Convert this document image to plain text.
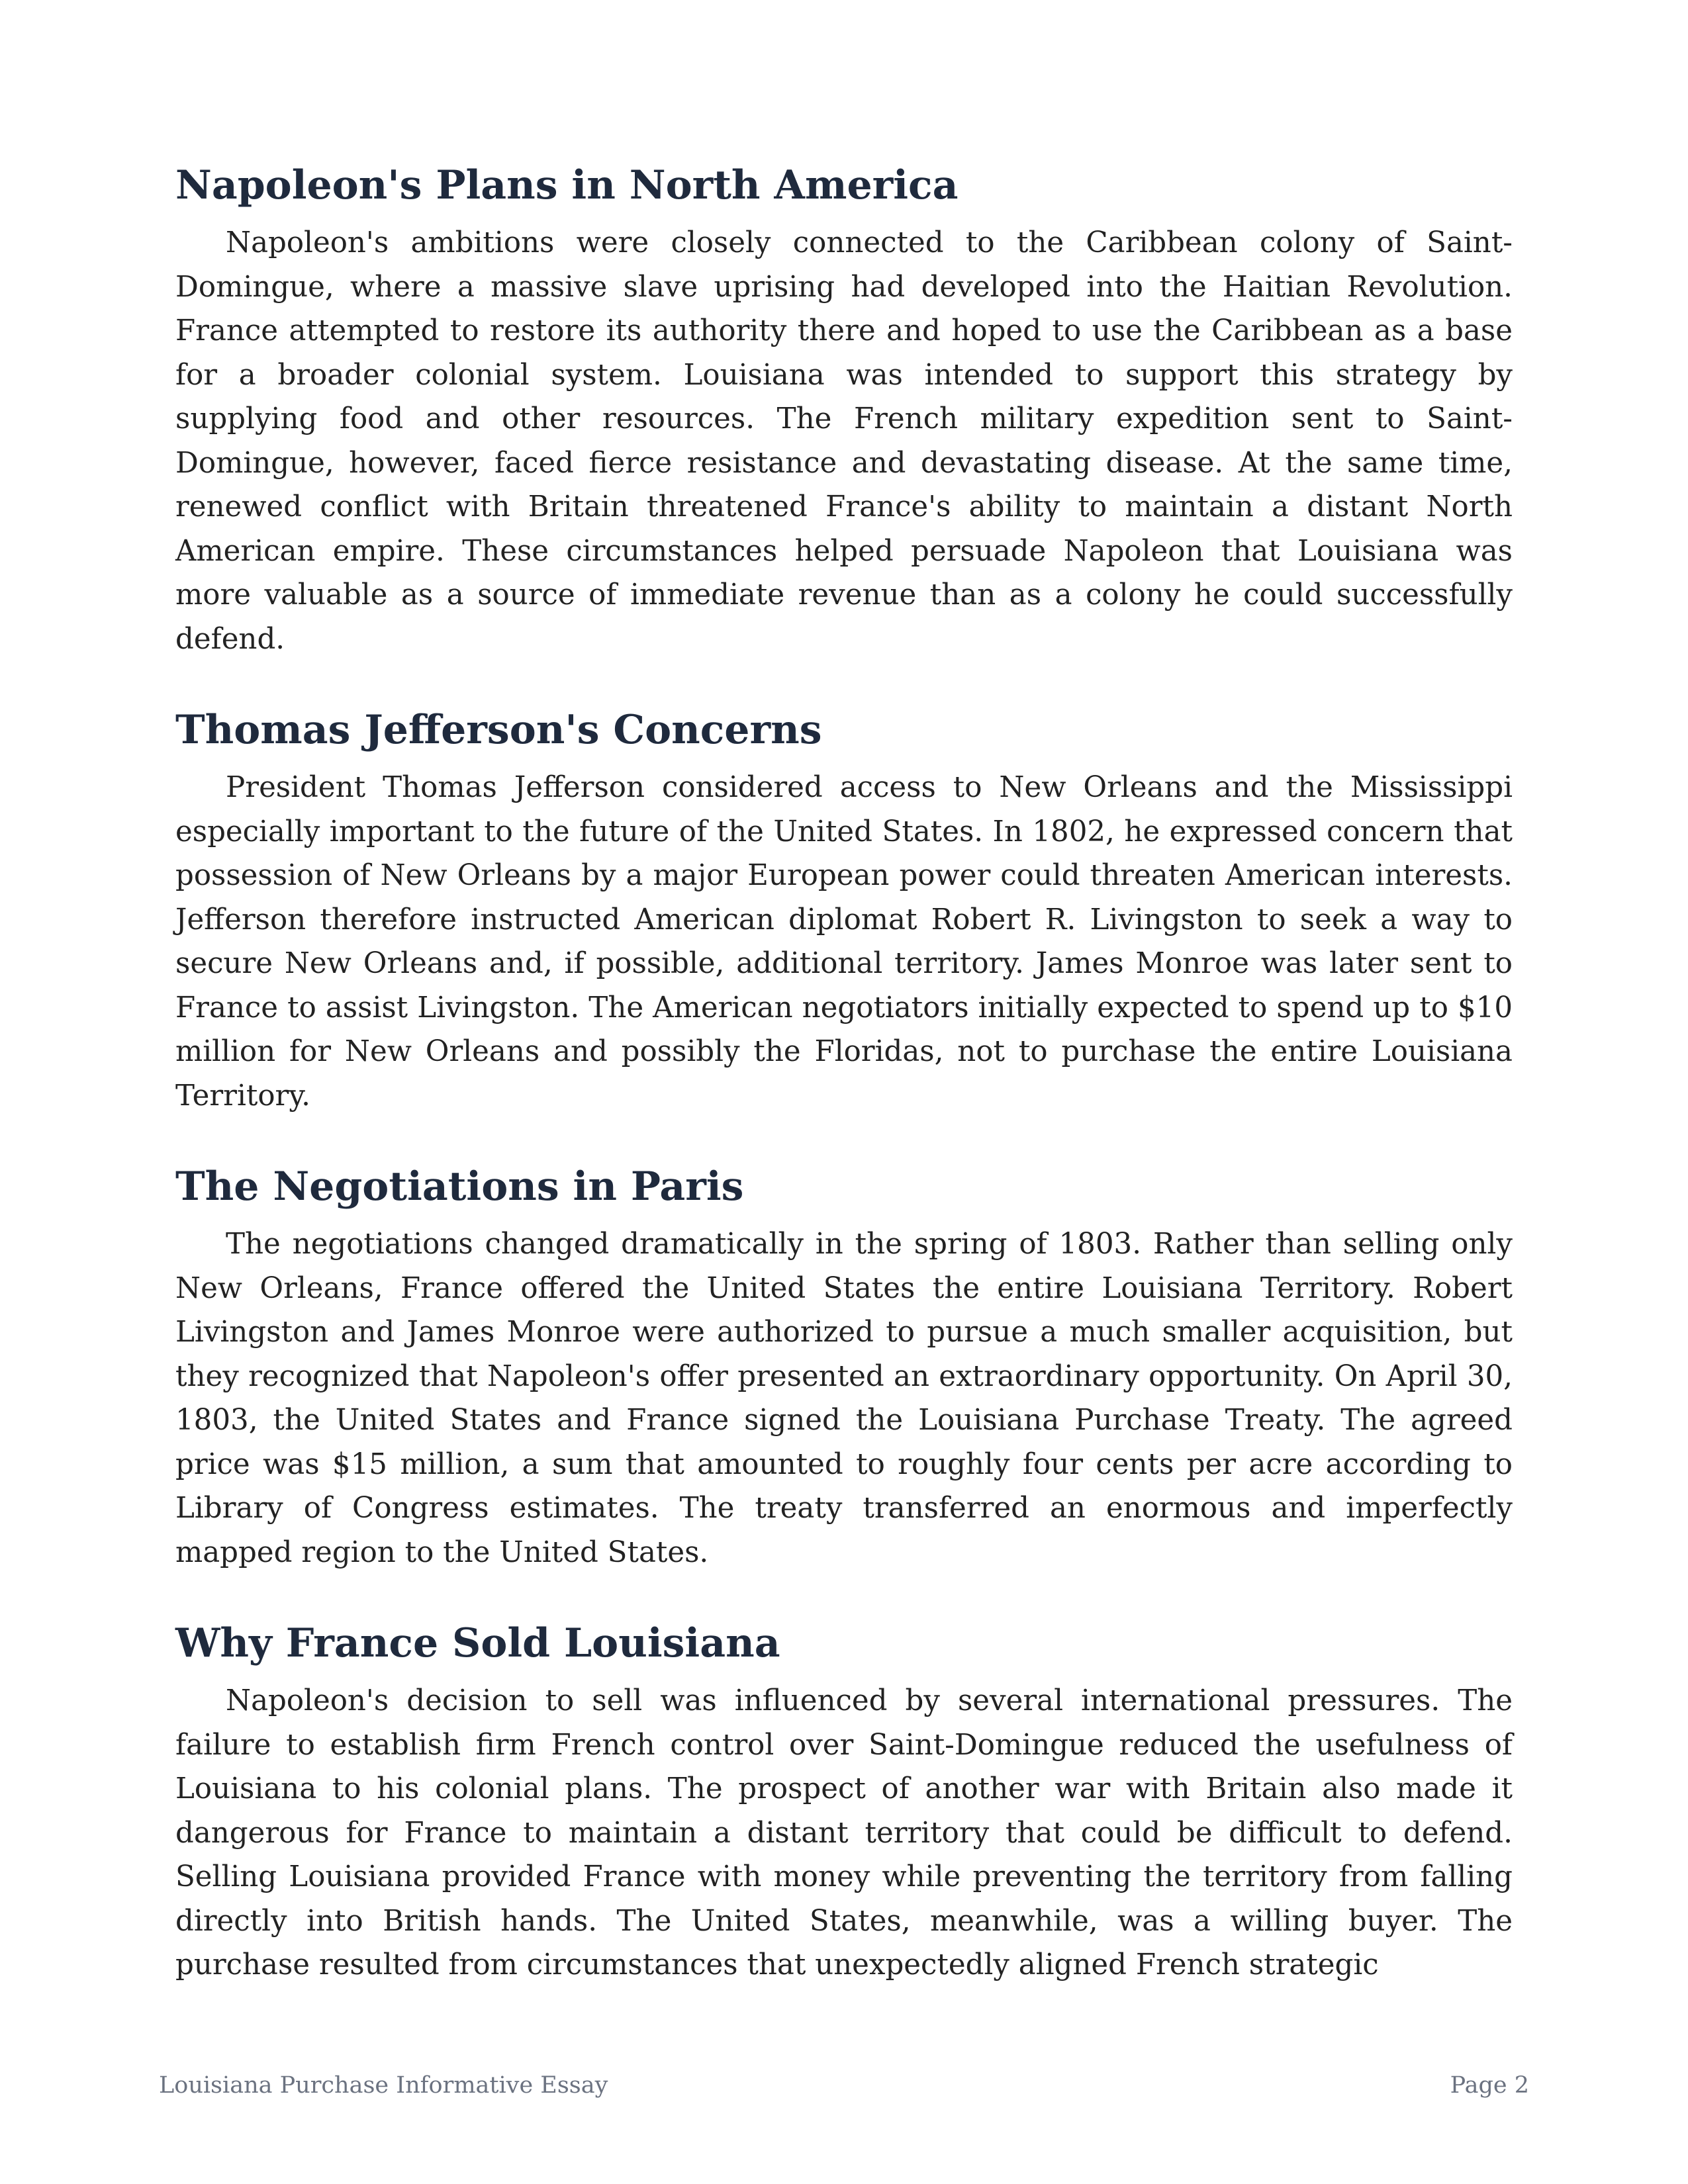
Napoleon's Plans in North America

Napoleon's ambitions were closely connected to the Caribbean colony of Saint-Domingue, where a massive slave uprising had developed into the Haitian Revolution. France attempted to restore its authority there and hoped to use the Caribbean as a base for a broader colonial system. Louisiana was intended to support this strategy by supplying food and other resources. The French military expedition sent to Saint-Domingue, however, faced fierce resistance and devastating disease. At the same time, renewed conflict with Britain threatened France's ability to maintain a distant North American empire. These circumstances helped persuade Napoleon that Louisiana was more valuable as a source of immediate revenue than as a colony he could successfully defend.

Thomas Jefferson's Concerns

President Thomas Jefferson considered access to New Orleans and the Mississippi especially important to the future of the United States. In 1802, he expressed concern that possession of New Orleans by a major European power could threaten American interests. Jefferson therefore instructed American diplomat Robert R. Livingston to seek a way to secure New Orleans and, if possible, additional territory. James Monroe was later sent to France to assist Livingston. The American negotiators initially expected to spend up to $10 million for New Orleans and possibly the Floridas, not to purchase the entire Louisiana Territory.

The Negotiations in Paris

The negotiations changed dramatically in the spring of 1803. Rather than selling only New Orleans, France offered the United States the entire Louisiana Territory. Robert Livingston and James Monroe were authorized to pursue a much smaller acquisition, but they recognized that Napoleon's offer presented an extraordinary opportunity. On April 30, 1803, the United States and France signed the Louisiana Purchase Treaty. The agreed price was $15 million, a sum that amounted to roughly four cents per acre according to Library of Congress estimates. The treaty transferred an enormous and imperfectly mapped region to the United States.

Why France Sold Louisiana

Napoleon's decision to sell was influenced by several international pressures. The failure to establish firm French control over Saint-Domingue reduced the usefulness of Louisiana to his colonial plans. The prospect of another war with Britain also made it dangerous for France to maintain a distant territory that could be difficult to defend. Selling Louisiana provided France with money while preventing the territory from falling directly into British hands. The United States, meanwhile, was a willing buyer. The purchase resulted from circumstances that unexpectedly aligned French strategic

Louisiana Purchase Informative Essay	Page 2
